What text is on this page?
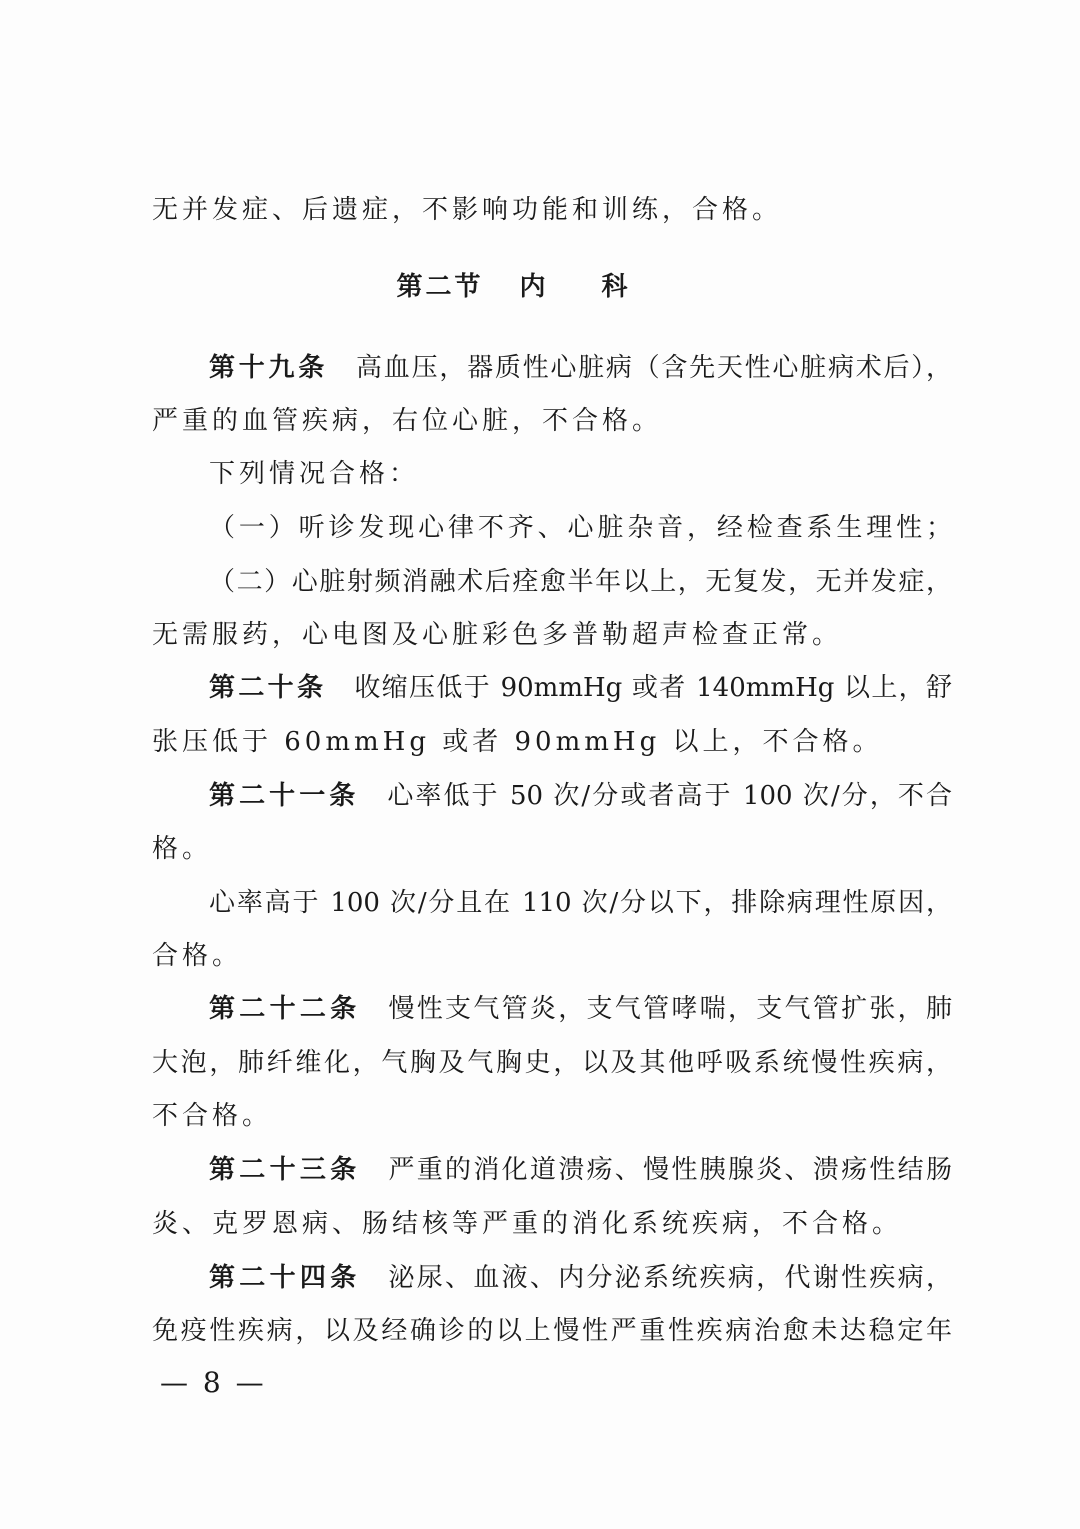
无并发症、后遗症，不影响功能和训练，合格。
第二节 内科
第十九条 高血压，器质性心脏病（含先天性心脏病术后），
严重的血管疾病，右位心脏，不合格。
下列情况合格：
（一）听诊发现心律不齐、心脏杂音，经检查系生理性；
（二）心脏射频消融术后痊愈半年以上，无复发，无并发症，
无需服药，心电图及心脏彩色多普勒超声检查正常。
第二十条 收缩压低于 90mmHg 或者 140mmHg 以上，舒
张压低于 60mmHg 或者 90mmHg 以上，不合格。
第二十一条 心率低于 50 次/分或者高于 100 次/分，不合
格。
心率高于 100 次/分且在 110 次/分以下，排除病理性原因，
合格。
第二十二条 慢性支气管炎，支气管哮喘，支气管扩张，肺
大泡，肺纤维化，气胸及气胸史，以及其他呼吸系统慢性疾病，
不合格。
第二十三条 严重的消化道溃疡、慢性胰腺炎、溃疡性结肠
炎、克罗恩病、肠结核等严重的消化系统疾病，不合格。
第二十四条 泌尿、血液、内分泌系统疾病，代谢性疾病，
免疫性疾病，以及经确诊的以上慢性严重性疾病治愈未达稳定年
— 8 —
